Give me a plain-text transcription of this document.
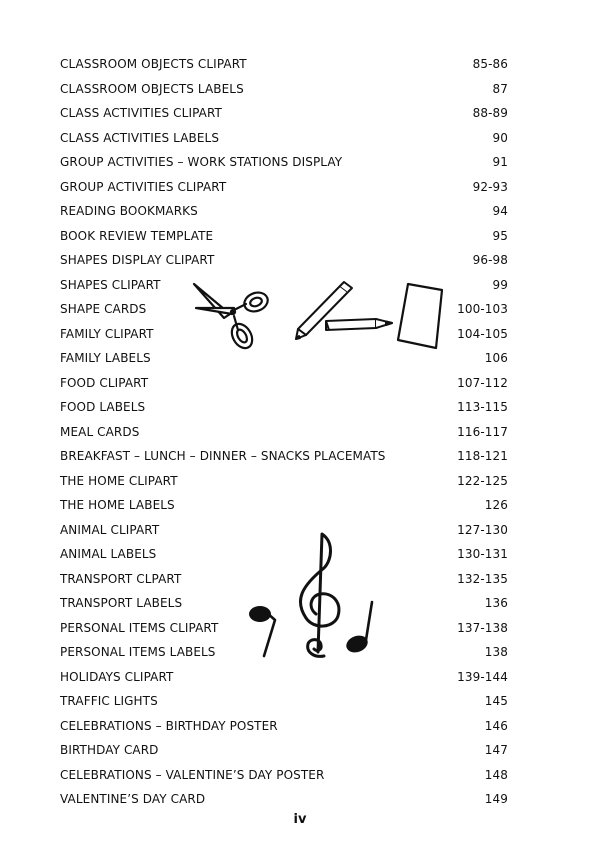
CLASSROOM OBJECTS CLIPART	85-86
CLASSROOM OBJECTS LABELS	87
CLASS ACTIVITIES CLIPART	88-89
CLASS ACTIVITIES LABELS	90
GROUP ACTIVITIES – WORK STATIONS DISPLAY	91
GROUP ACTIVITIES CLIPART	92-93
READING BOOKMARKS	94
BOOK REVIEW TEMPLATE	95
SHAPES DISPLAY CLIPART	96-98
SHAPES CLIPART	99
SHAPE CARDS	100-103
FAMILY CLIPART	104-105
FAMILY LABELS	106
FOOD CLIPART	107-112
FOOD LABELS	113-115
MEAL CARDS	116-117
BREAKFAST – LUNCH – DINNER – SNACKS PLACEMATS	118-121
THE HOME CLIPART	122-125
THE HOME LABELS	126
ANIMAL CLIPART	127-130
ANIMAL LABELS	130-131
TRANSPORT CLPART	132-135
TRANSPORT LABELS	136
PERSONAL ITEMS CLIPART	137-138
PERSONAL ITEMS LABELS	138
HOLIDAYS CLIPART	139-144
TRAFFIC LIGHTS	145
CELEBRATIONS – BIRTHDAY POSTER	146
BIRTHDAY CARD	147
CELEBRATIONS – VALENTINE’S DAY POSTER	148
VALENTINE’S DAY CARD	149
iv
